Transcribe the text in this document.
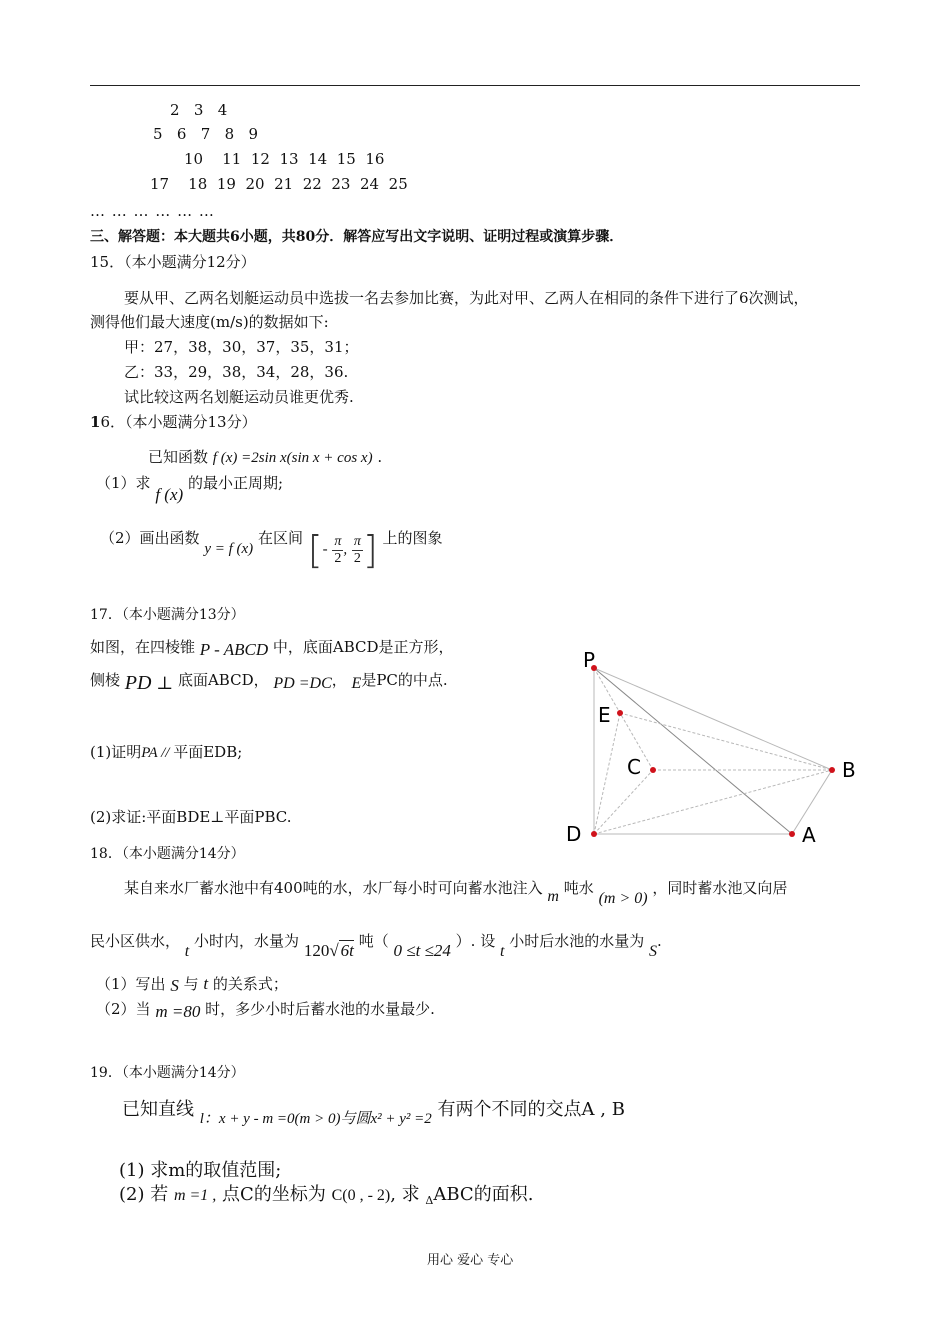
2 3 4
5 6 7 8 9
10 11 12 13 14 15 16
17 18 19 20 21 22 23 24 25
… … … … … …
三、解答题：本大题共6小题，共80分．解答应写出文字说明、证明过程或演算步骤．
15．（本小题满分12分）
要从甲、乙两名划艇运动员中选拔一名去参加比赛，为此对甲、乙两人在相同的条件下进行了6次测试，
测得他们最大速度(m/s)的数据如下:
甲：27，38，30，37，35，31；
乙：33，29，38，34，28，36.
试比较这两名划艇运动员谁更优秀.
16．（本小题满分13分）
已知函数 f (x) =2sin x(sin x + cos x) .
（1）求 f (x) 的最小正周期;
（2）画出函数 y = f (x) 在区间 [- $\frac{\pi}{2}$ , $\frac{\pi}{2}$ ] 上的图象
17．（本小题满分13分）
如图，在四棱锥 P - ABCD 中，底面ABCD是正方形，
侧棱 PD ⊥ 底面ABCD， PD =DC， E是PC的中点.
(1)证明PA // 平面EDB;
(2)求证:平面BDE⊥平面PBC.
P
E
C	B
D	A
18．（本小题满分14分）
某自来水厂蓄水池中有400吨的水，水厂每小时可向蓄水池注入 m 吨水 (m > 0) ，同时蓄水池又向居
民小区供水， t 小时内，水量为 120√ 6t 吨（ 0 ≤t ≤24 ）. 设 t 小时后水池的水量为 S.
（1）写出 S 与 t 的关系式；
（2）当 m =80 时，多少小时后蓄水池的水量最少.
19．（本小题满分14分）
已知直线 $_{l:x + y - m =0(m > 0)与圆x^2 + y^2 =2}$ 有两个不同的交点A , B
(1) 求m的取值范围;
(2) 若 m =1 , 点C的坐标为 C(0 , - 2), 求 $_\Delta$ABC的面积.
用心 爱心 专心
